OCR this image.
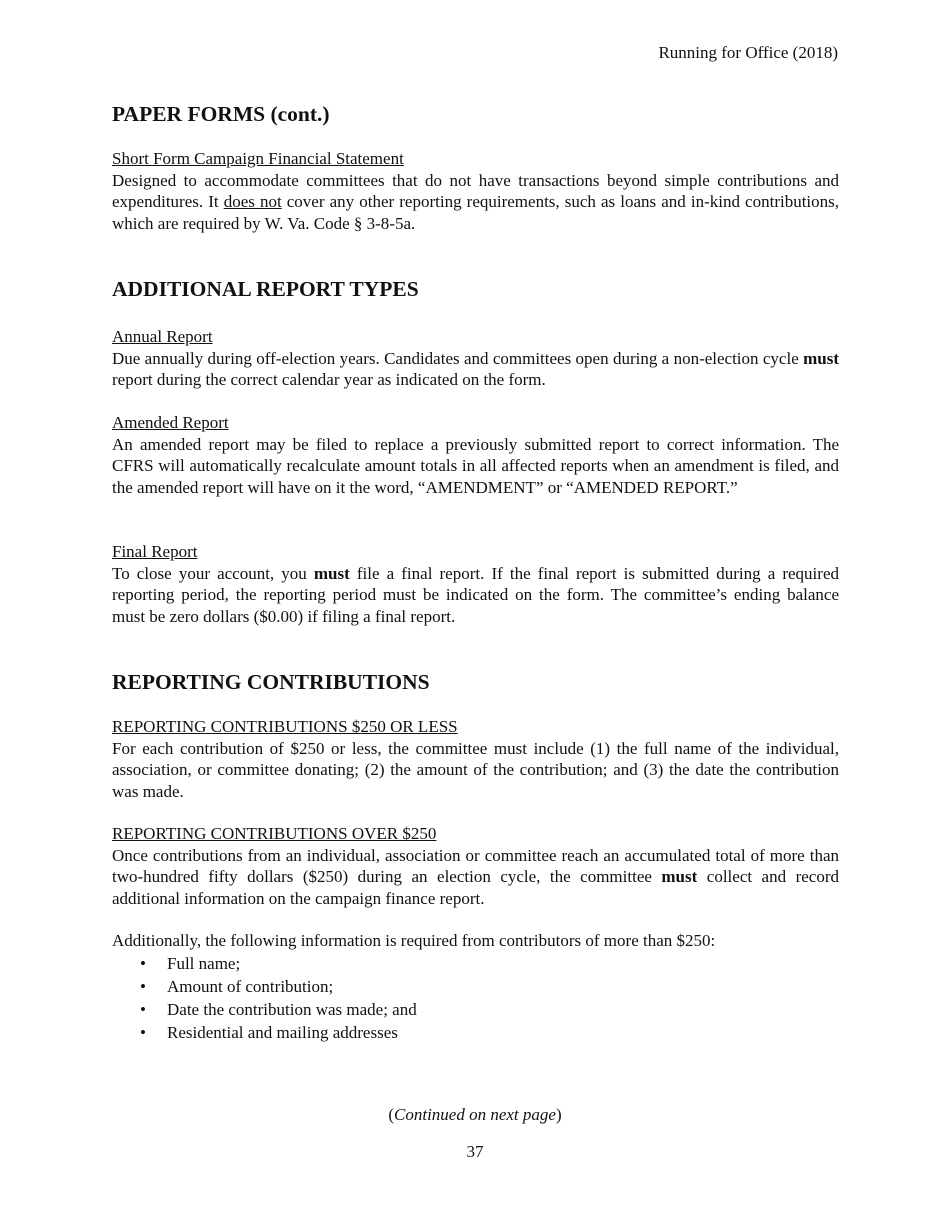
Running for Office (2018)
PAPER FORMS (cont.)
Short Form Campaign Financial Statement

Designed to accommodate committees that do not have transactions beyond simple contributions and expenditures. It does not cover any other reporting requirements, such as loans and in-kind contributions, which are required by W. Va. Code § 3-8-5a.

ADDITIONAL REPORT TYPES
Annual Report

Due annually during off-election years. Candidates and committees open during a non-election cycle must report during the correct calendar year as indicated on the form.

Amended Report

An amended report may be filed to replace a previously submitted report to correct information. The CFRS will automatically recalculate amount totals in all affected reports when an amendment is filed, and the amended report will have on it the word, “AMENDMENT” or “AMENDED REPORT.”

Final Report

To close your account, you must file a final report. If the final report is submitted during a required reporting period, the reporting period must be indicated on the form. The committee’s ending balance must be zero dollars ($0.00) if filing a final report.

REPORTING CONTRIBUTIONS
REPORTING CONTRIBUTIONS $250 OR LESS

For each contribution of $250 or less, the committee must include (1) the full name of the individual, association, or committee donating; (2) the amount of the contribution; and (3) the date the contribution was made.

REPORTING CONTRIBUTIONS OVER $250

Once contributions from an individual, association or committee reach an accumulated total of more than two-hundred fifty dollars ($250) during an election cycle, the committee must collect and record additional information on the campaign finance report.

Additionally, the following information is required from contributors of more than $250:

• Full name;
• Amount of contribution;
• Date the contribution was made; and
• Residential and mailing addresses
(Continued on next page)
37
